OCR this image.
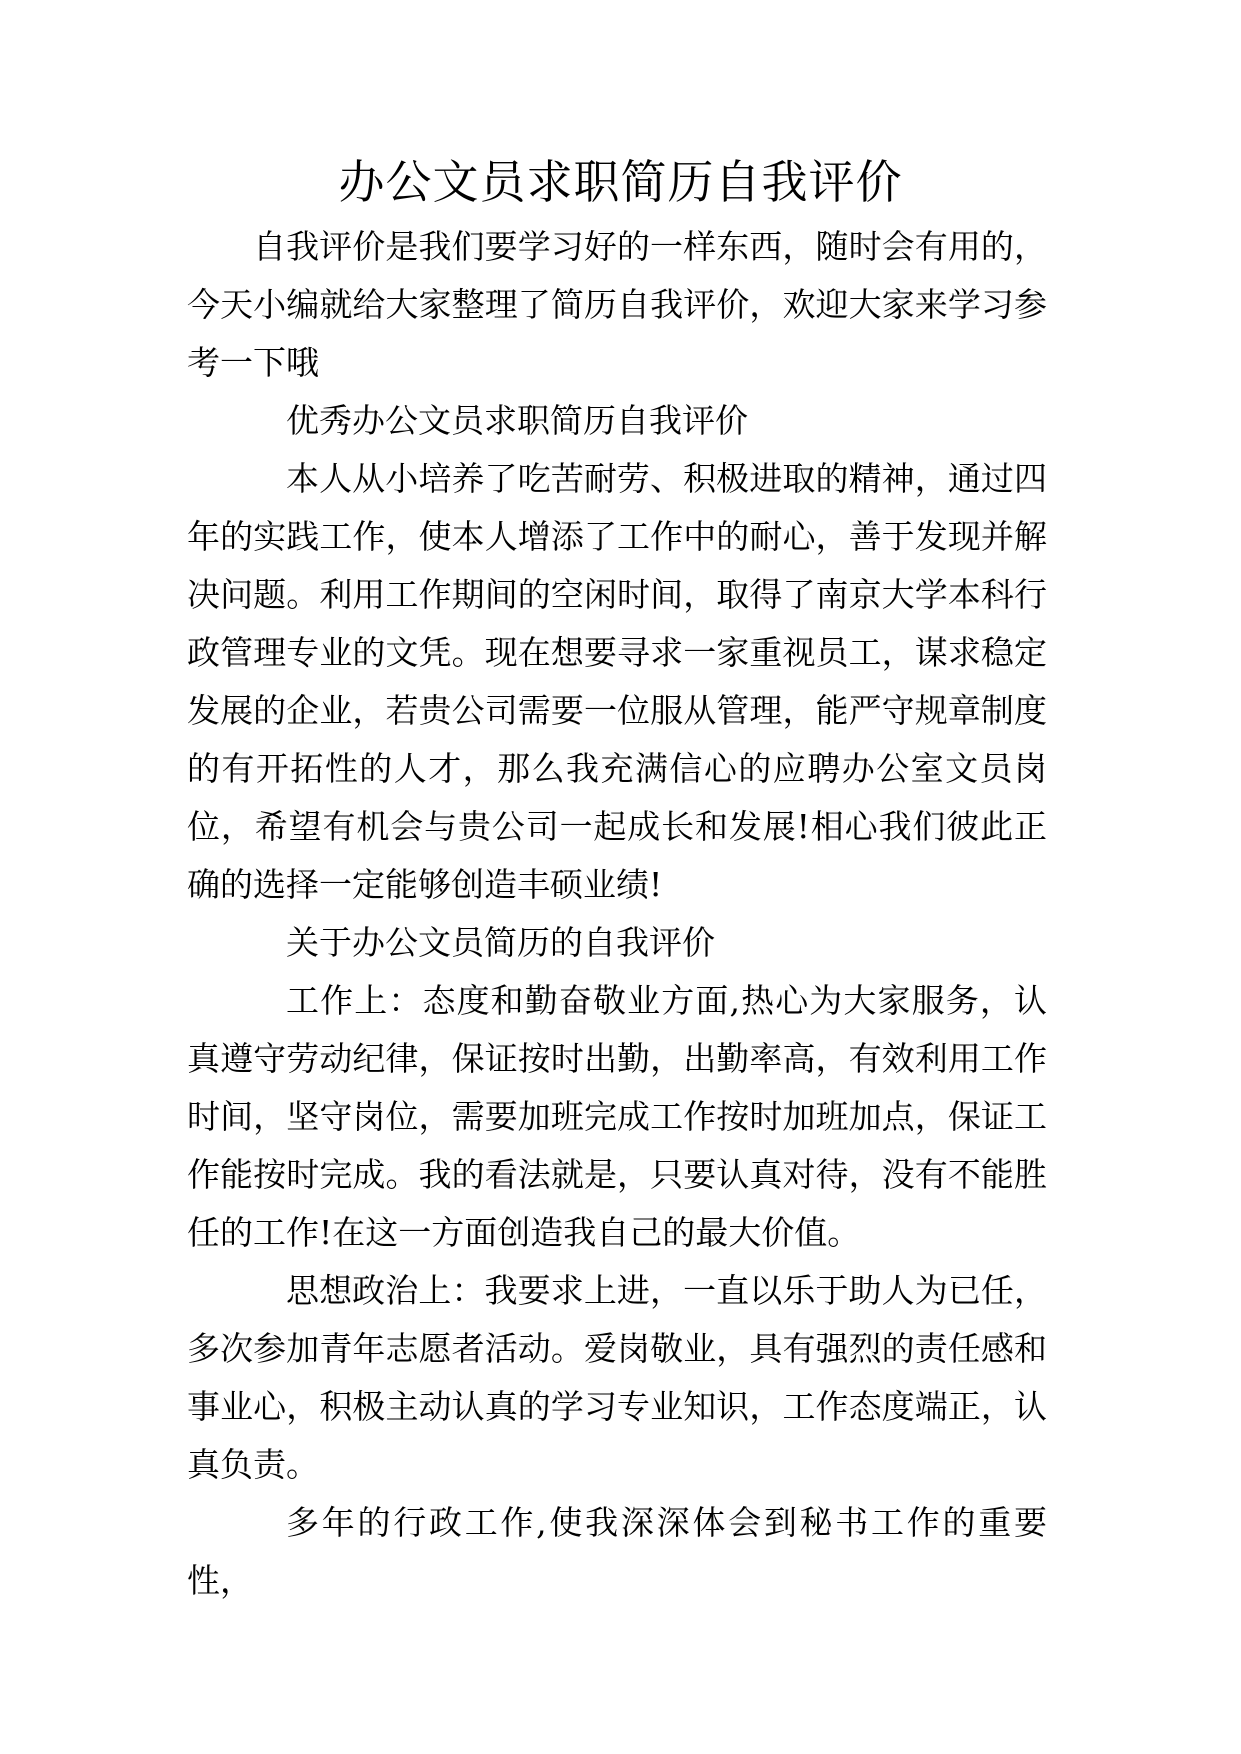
办公文员求职简历自我评价

自我评价是我们要学习好的一样东西，随时会有用的，今天小编就给大家整理了简历自我评价，欢迎大家来学习参考一下哦

优秀办公文员求职简历自我评价

本人从小培养了吃苦耐劳、积极进取的精神，通过四年的实践工作，使本人增添了工作中的耐心，善于发现并解决问题。利用工作期间的空闲时间，取得了南京大学本科行政管理专业的文凭。现在想要寻求一家重视员工，谋求稳定发展的企业，若贵公司需要一位服从管理，能严守规章制度的有开拓性的人才，那么我充满信心的应聘办公室文员岗位，希望有机会与贵公司一起成长和发展!相心我们彼此正确的选择一定能够创造丰硕业绩!

关于办公文员简历的自我评价

工作上：态度和勤奋敬业方面,热心为大家服务，认真遵守劳动纪律，保证按时出勤，出勤率高，有效利用工作时间，坚守岗位，需要加班完成工作按时加班加点，保证工作能按时完成。我的看法就是，只要认真对待，没有不能胜任的工作!在这一方面创造我自己的最大价值。

思想政治上：我要求上进，一直以乐于助人为已任，多次参加青年志愿者活动。爱岗敬业，具有强烈的责任感和事业心，积极主动认真的学习专业知识，工作态度端正，认真负责。

多年的行政工作,使我深深体会到秘书工作的重要性，
